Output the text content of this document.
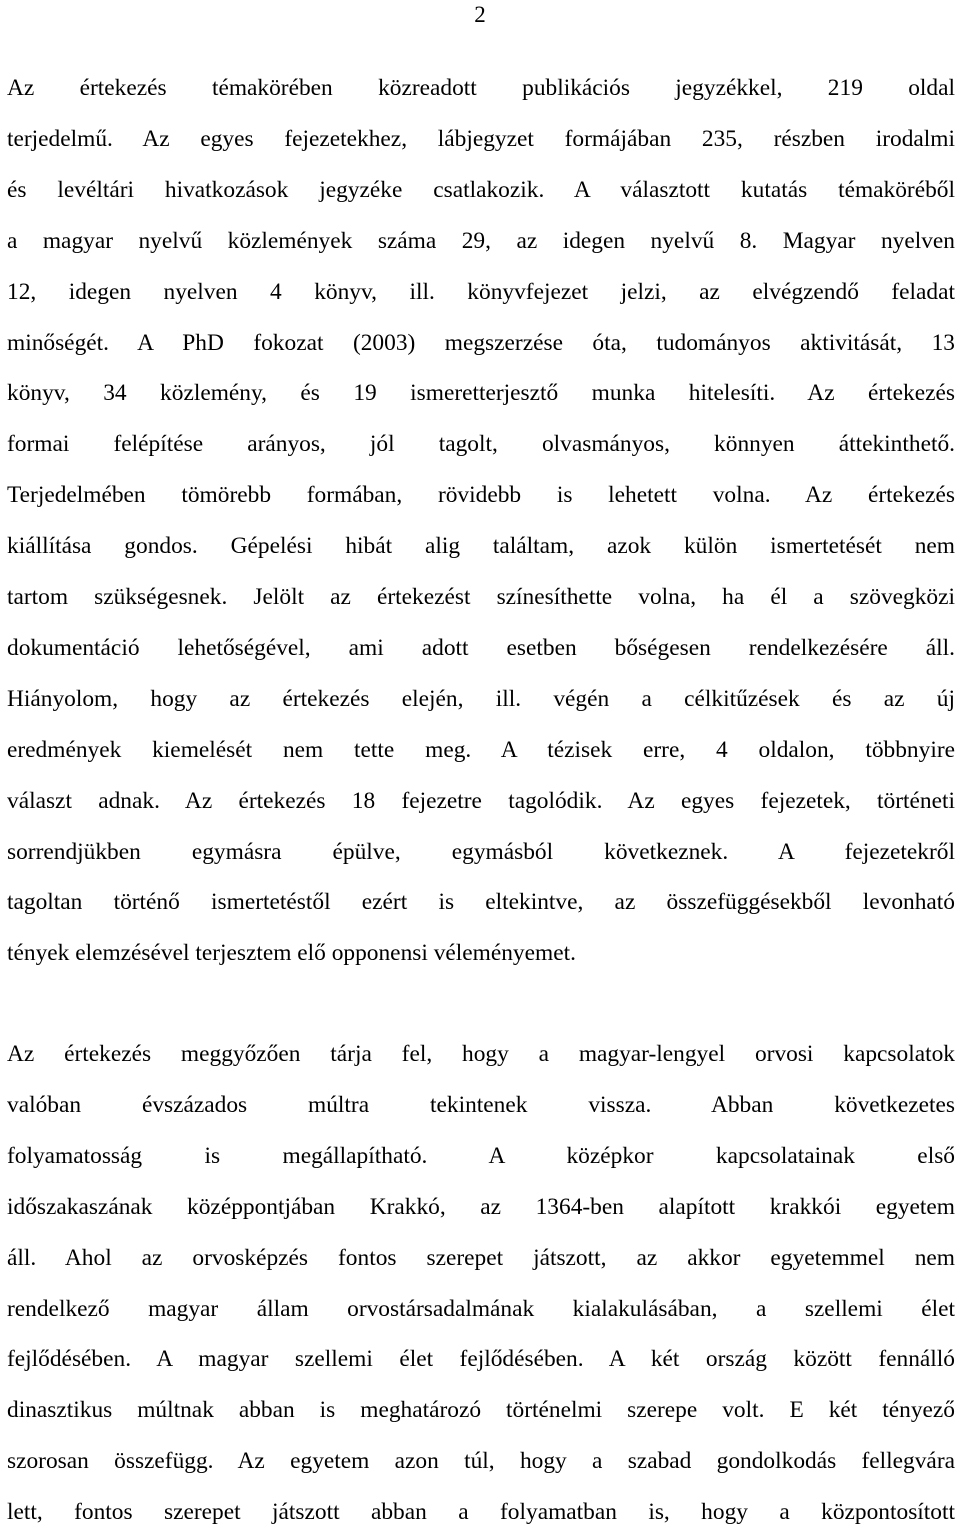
2
Az értekezés témakörében közreadott publikációs jegyzékkel, 219 oldal
terjedelmű. Az egyes fejezetekhez, lábjegyzet formájában 235, részben irodalmi
és levéltári hivatkozások jegyzéke csatlakozik. A választott kutatás témaköréből
a magyar nyelvű közlemények száma 29, az idegen nyelvű 8. Magyar nyelven
12, idegen nyelven 4 könyv, ill. könyvfejezet jelzi, az elvégzendő feladat
minőségét. A PhD fokozat (2003) megszerzése óta, tudományos aktivitását, 13
könyv, 34 közlemény, és 19 ismeretterjesztő munka hitelesíti. Az értekezés
formai felépítése arányos, jól tagolt, olvasmányos, könnyen áttekinthető.
Terjedelmében tömörebb formában, rövidebb is lehetett volna. Az értekezés
kiállítása gondos. Gépelési hibát alig találtam, azok külön ismertetését nem
tartom szükségesnek. Jelölt az értekezést színesíthette volna, ha él a szövegközi
dokumentáció lehetőségével, ami adott esetben bőségesen rendelkezésére áll.
Hiányolom, hogy az értekezés elején, ill. végén a célkitűzések és az új
eredmények kiemelését nem tette meg. A tézisek erre, 4 oldalon, többnyire
választ adnak. Az értekezés 18 fejezetre tagolódik. Az egyes fejezetek, történeti
sorrendjükben egymásra épülve, egymásból következnek. A fejezetekről
tagoltan történő ismertetéstől ezért is eltekintve, az összefüggésekből levonható
tények elemzésével terjesztem elő opponensi véleményemet.
Az értekezés meggyőzően tárja fel, hogy a magyar-lengyel orvosi kapcsolatok
valóban évszázados múltra tekintenek vissza. Abban következetes
folyamatosság is megállapítható. A középkor kapcsolatainak első
időszakaszának középpontjában Krakkó, az 1364-ben alapított krakkói egyetem
áll. Ahol az orvosképzés fontos szerepet játszott, az akkor egyetemmel nem
rendelkező magyar állam orvostársadalmának kialakulásában, a szellemi élet
fejlődésében. A magyar szellemi élet fejlődésében. A két ország között fennálló
dinasztikus múltnak abban is meghatározó történelmi szerepe volt. E két tényező
szorosan összefügg. Az egyetem azon túl, hogy a szabad gondolkodás fellegvára
lett, fontos szerepet játszott abban a folyamatban is, hogy a központosított
